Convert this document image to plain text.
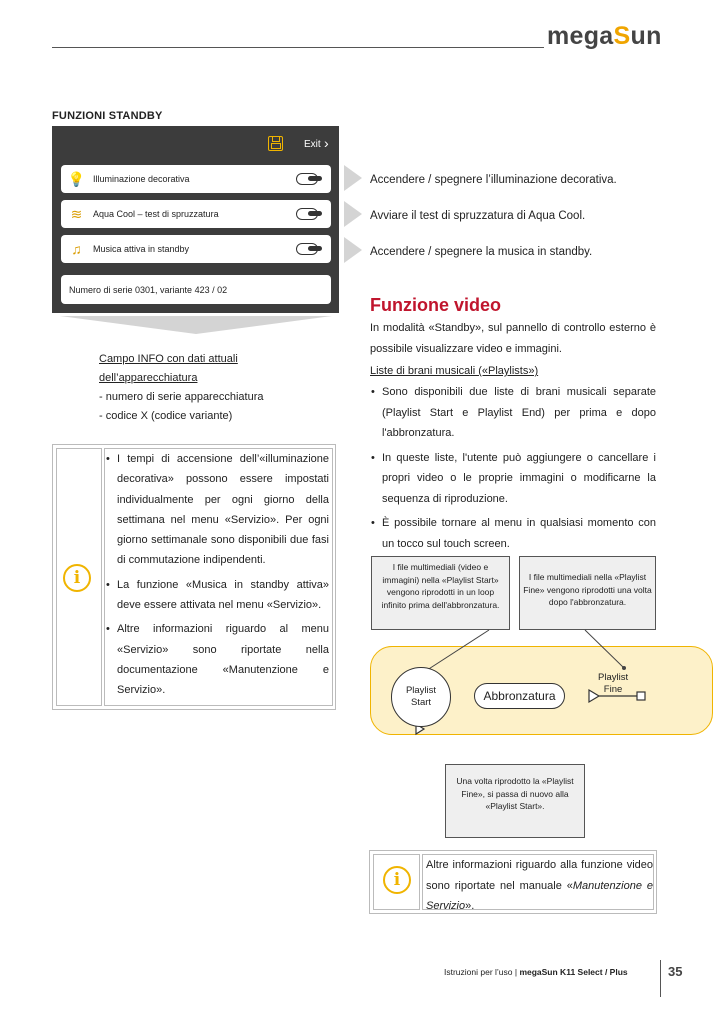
megaSun
FUNZIONI STANDBY
Exit ›
💡 Illuminazione decorativa
≋	Aqua Cool – test di spruzzatura
♫	Musica attiva in standby
Numero di serie 0301, variante 423 / 02
Accendere / spegnere l’illuminazione decorativa.
Avviare il test di spruzzatura di Aqua Cool.
Accendere / spegnere la musica in standby.
Campo INFO con dati attuali dell’apparecchiatura
- numero di serie apparecchiatura
- codice X (codice variante)
i
• I tempi di accensione dell’«illuminazione decorativa» possono essere impostati individualmente per ogni giorno della settimana nel menu «Servizio». Per ogni giorno settimanale sono disponibili due fasi di commutazione indipendenti.
• La funzione «Musica in standby attiva» deve essere attivata nel menu «Servizio».
• Altre informazioni riguardo al menu «Servizio» sono riportate nella documentazione «Manutenzione e Servizio».
Funzione video
In modalità «Standby», sul pannello di controllo esterno è possibile visualizzare video e immagini.
Liste di brani musicali («Playlists»)
• Sono disponibili due liste di brani musicali separate (Playlist Start e Playlist End) per prima e dopo l'abbronzatura.
• In queste liste, l'utente può aggiungere o cancellare i propri video o le proprie immagini o modificarne la sequenza di riproduzione.
• È possibile tornare al menu in qualsiasi momento con un tocco sul touch screen.
I file multimediali (video e immagini) nella «Playlist Start» vengono riprodotti in un loop infinito prima dell'abbronzatura.
I file multimediali nella «Playlist Fine» vengono riprodotti una volta dopo l'abbronzatura.
Playlist
Start	Abbronzatura
Playlist
Fine
Una volta riprodotto la «Playlist Fine», si passa di nuovo alla «Playlist Start».
i
Altre informazioni riguardo alla funzione video sono riportate nel manuale «Manutenzione e Servizio».
Istruzioni per l’uso | megaSun K11 Select / Plus	35
